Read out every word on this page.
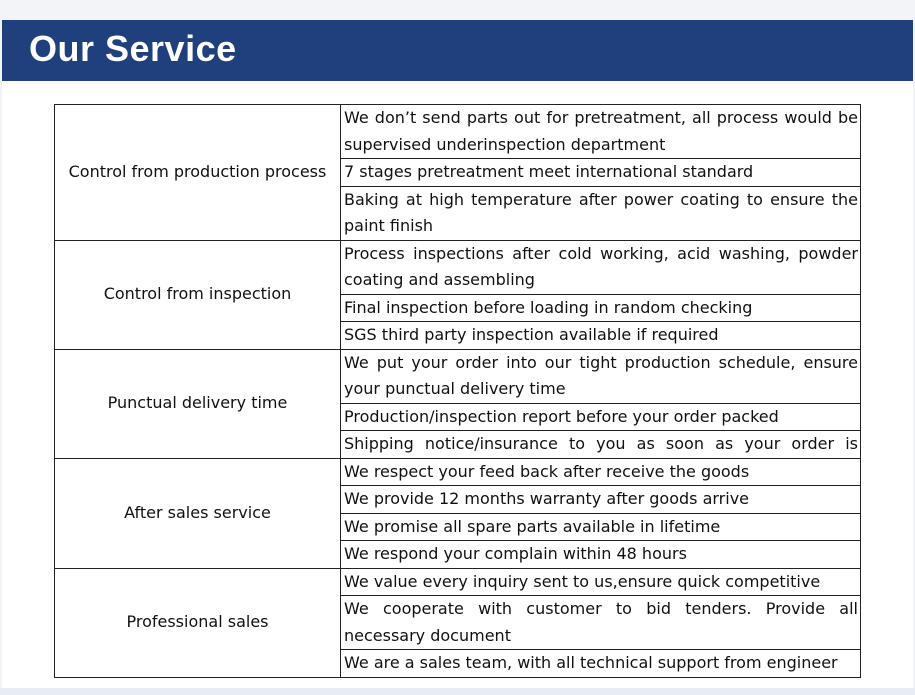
Our Service
Control from production process	We don’t send parts out for pretreatment, all process would be supervised underinspection department
	7 stages pretreatment meet international standard
	Baking at high temperature after power coating to ensure the paint finish
Control from inspection	Process inspections after cold working, acid washing, powder coating and assembling
	Final inspection before loading in random checking
	SGS third party inspection available if required
Punctual delivery time	We put your order into our tight production schedule, ensure your punctual delivery time
	Production/inspection report before your order packed
	Shipping notice/insurance to you as soon as your order is
After sales service	We respect your feed back after receive the goods
	We provide 12 months warranty after goods arrive
	We promise all spare parts available in lifetime
	We respond your complain within 48 hours
Professional sales	We value every inquiry sent to us,ensure quick competitive
	We cooperate with customer to bid tenders. Provide all necessary document
	We are a sales team, with all technical support from engineer
